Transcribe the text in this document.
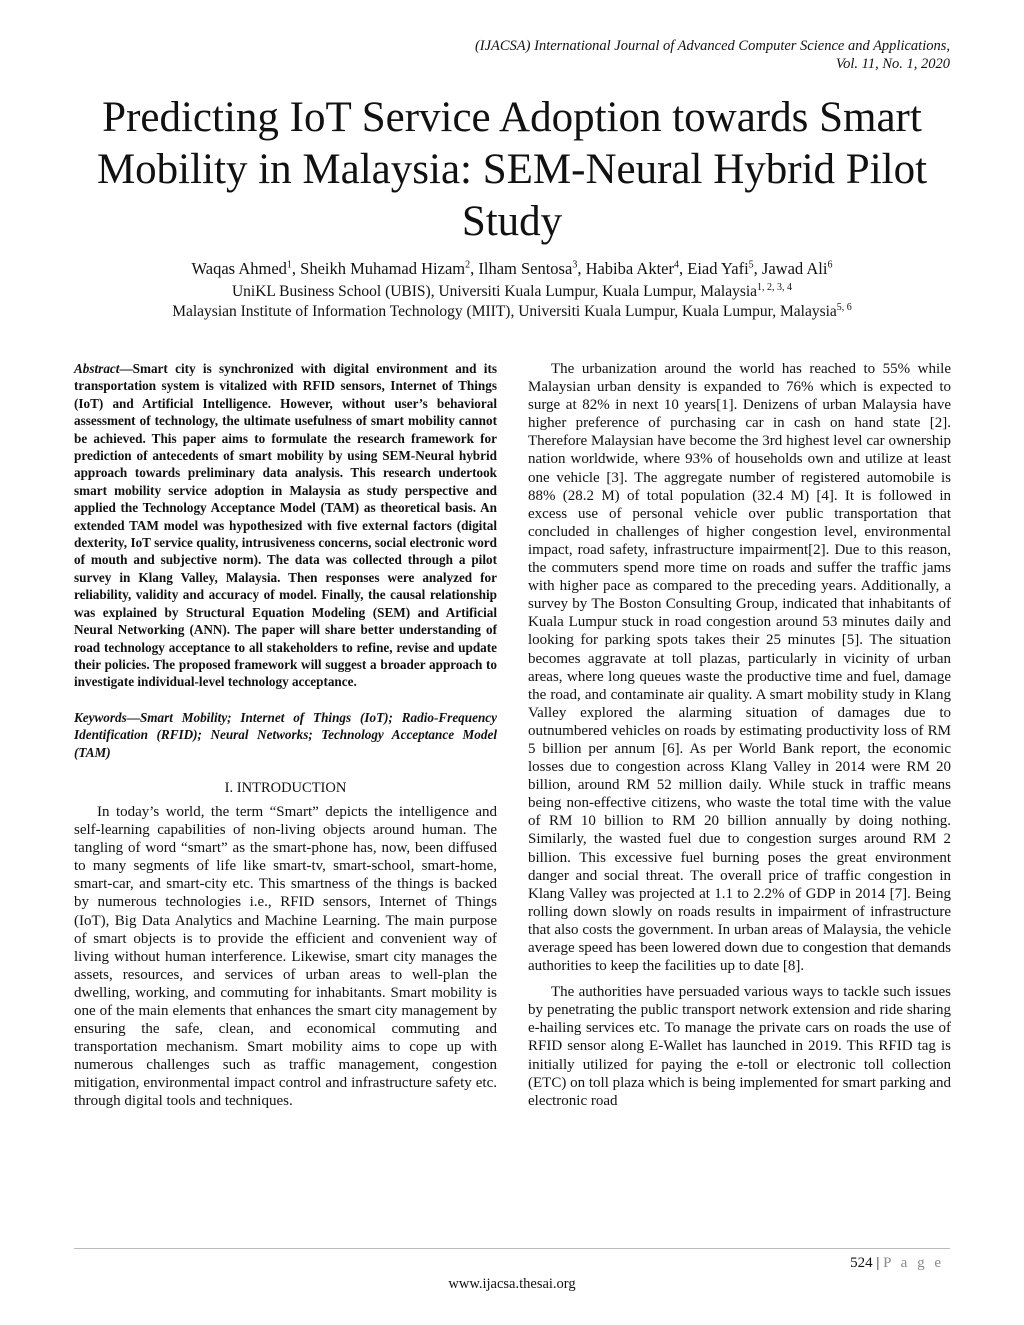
(IJACSA) International Journal of Advanced Computer Science and Applications,
Vol. 11, No. 1, 2020
Predicting IoT Service Adoption towards Smart Mobility in Malaysia: SEM-Neural Hybrid Pilot Study
Waqas Ahmed$^1$, Sheikh Muhamad Hizam$^2$, Ilham Sentosa$^3$, Habiba Akter$^4$, Eiad Yafi$^5$, Jawad Ali$^6$
UniKL Business School (UBIS), Universiti Kuala Lumpur, Kuala Lumpur, Malaysia$^{1, 2, 3, 4}$
Malaysian Institute of Information Technology (MIIT), Universiti Kuala Lumpur, Kuala Lumpur, Malaysia$^{5, 6}$

Abstract—Smart city is synchronized with digital environment and its transportation system is vitalized with RFID sensors, Internet of Things (IoT) and Artificial Intelligence. However, without user’s behavioral assessment of technology, the ultimate usefulness of smart mobility cannot be achieved. This paper aims to formulate the research framework for prediction of antecedents of smart mobility by using SEM-Neural hybrid approach towards preliminary data analysis. This research undertook smart mobility service adoption in Malaysia as study perspective and applied the Technology Acceptance Model (TAM) as theoretical basis. An extended TAM model was hypothesized with five external factors (digital dexterity, IoT service quality, intrusiveness concerns, social electronic word of mouth and subjective norm). The data was collected through a pilot survey in Klang Valley, Malaysia. Then responses were analyzed for reliability, validity and accuracy of model. Finally, the causal relationship was explained by Structural Equation Modeling (SEM) and Artificial Neural Networking (ANN). The paper will share better understanding of road technology acceptance to all stakeholders to refine, revise and update their policies. The proposed framework will suggest a broader approach to investigate individual-level technology acceptance.

Keywords—Smart Mobility; Internet of Things (IoT); Radio-Frequency Identification (RFID); Neural Networks; Technology Acceptance Model (TAM)

I. INTRODUCTION

In today’s world, the term “Smart” depicts the intelligence and self-learning capabilities of non-living objects around human. The tangling of word “smart” as the smart-phone has, now, been diffused to many segments of life like smart-tv, smart-school, smart-home, smart-car, and smart-city etc. This smartness of the things is backed by numerous technologies i.e., RFID sensors, Internet of Things (IoT), Big Data Analytics and Machine Learning. The main purpose of smart objects is to provide the efficient and convenient way of living without human interference. Likewise, smart city manages the assets, resources, and services of urban areas to well-plan the dwelling, working, and commuting for inhabitants. Smart mobility is one of the main elements that enhances the smart city management by ensuring the safe, clean, and economical commuting and transportation mechanism. Smart mobility aims to cope up with numerous challenges such as traffic management, congestion mitigation, environmental impact control and infrastructure safety etc. through digital tools and techniques.

The urbanization around the world has reached to 55% while Malaysian urban density is expanded to 76% which is expected to surge at 82% in next 10 years[1]. Denizens of urban Malaysia have higher preference of purchasing car in cash on hand state [2]. Therefore Malaysian have become the 3rd highest level car ownership nation worldwide, where 93% of households own and utilize at least one vehicle [3]. The aggregate number of registered automobile is 88% (28.2 M) of total population (32.4 M) [4]. It is followed in excess use of personal vehicle over public transportation that concluded in challenges of higher congestion level, environmental impact, road safety, infrastructure impairment[2]. Due to this reason, the commuters spend more time on roads and suffer the traffic jams with higher pace as compared to the preceding years. Additionally, a survey by The Boston Consulting Group, indicated that inhabitants of Kuala Lumpur stuck in road congestion around 53 minutes daily and looking for parking spots takes their 25 minutes [5]. The situation becomes aggravate at toll plazas, particularly in vicinity of urban areas, where long queues waste the productive time and fuel, damage the road, and contaminate air quality. A smart mobility study in Klang Valley explored the alarming situation of damages due to outnumbered vehicles on roads by estimating productivity loss of RM 5 billion per annum [6]. As per World Bank report, the economic losses due to congestion across Klang Valley in 2014 were RM 20 billion, around RM 52 million daily. While stuck in traffic means being non-effective citizens, who waste the total time with the value of RM 10 billion to RM 20 billion annually by doing nothing. Similarly, the wasted fuel due to congestion surges around RM 2 billion. This excessive fuel burning poses the great environment danger and social threat. The overall price of traffic congestion in Klang Valley was projected at 1.1 to 2.2% of GDP in 2014 [7]. Being rolling down slowly on roads results in impairment of infrastructure that also costs the government. In urban areas of Malaysia, the vehicle average speed has been lowered down due to congestion that demands authorities to keep the facilities up to date [8].

The authorities have persuaded various ways to tackle such issues by penetrating the public transport network extension and ride sharing e-hailing services etc. To manage the private cars on roads the use of RFID sensor along E-Wallet has launched in 2019. This RFID tag is initially utilized for paying the e-toll or electronic toll collection (ETC) on toll plaza which is being implemented for smart parking and electronic road

524 | P a g e
www.ijacsa.thesai.org
